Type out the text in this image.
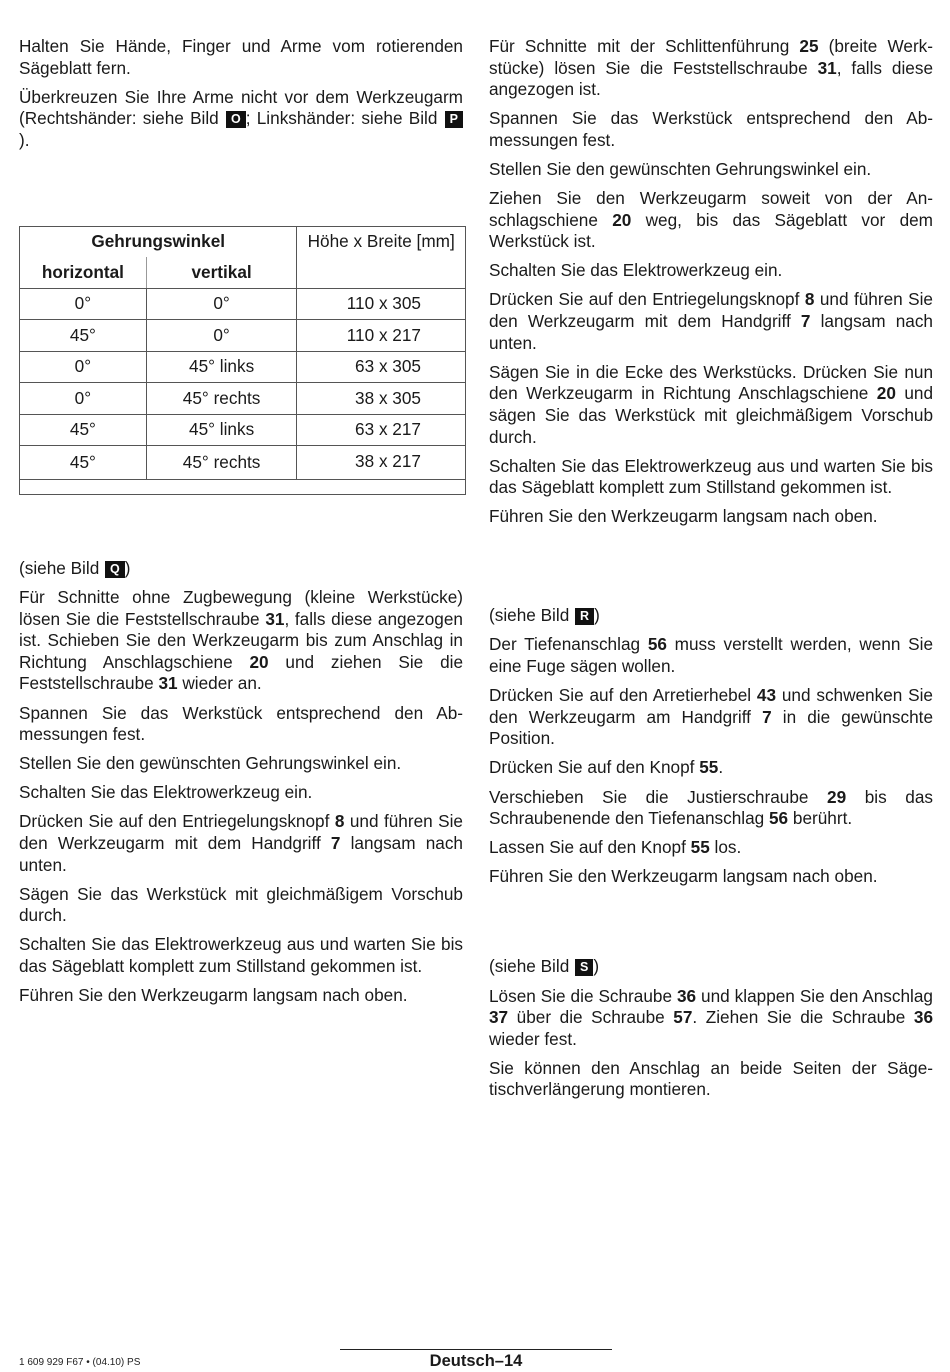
Halten Sie Hände, Finger und Arme vom rotierenden Sägeblatt fern.

Überkreuzen Sie Ihre Arme nicht vor dem Werkzeugarm (Rechtshänder: siehe Bild O ; Linkshänder: siehe Bild P).

Gehrungswinkel		Höhe x Breite [mm]
horizontal	vertikal	
0°	0°	110 x 305
45°	0°	110 x 217
0°	45° links	63 x 305
0°	45° rechts	38 x 305
45°	45° links	63 x 217
45°	45° rechts	38 x 217

(siehe Bild Q )

Für Schnitte ohne Zugbewegung (kleine Werkstücke) lösen Sie die Feststellschraube 31, falls diese angezogen ist. Schieben Sie den Werkzeugarm bis zum Anschlag in Richtung Anschlagschiene 20 und ziehen Sie die Feststellschraube 31 wieder an.

Spannen Sie das Werkstück entsprechend den Abmessungen fest.

Stellen Sie den gewünschten Gehrungswinkel ein.

Schalten Sie das Elektrowerkzeug ein.

Drücken Sie auf den Entriegelungsknopf 8 und führen Sie den Werkzeugarm mit dem Handgriff 7 langsam nach unten.

Sägen Sie das Werkstück mit gleichmäßigem Vorschub durch.

Schalten Sie das Elektrowerkzeug aus und warten Sie bis das Sägeblatt komplett zum Stillstand gekommen ist.

Führen Sie den Werkzeugarm langsam nach oben.

Für Schnitte mit der Schlittenführung 25 (breite Werkstücke) lösen Sie die Feststellschraube 31, falls diese angezogen ist.

Spannen Sie das Werkstück entsprechend den Abmessungen fest.

Stellen Sie den gewünschten Gehrungswinkel ein.

Ziehen Sie den Werkzeugarm soweit von der Anschlagschiene 20 weg, bis das Sägeblatt vor dem Werkstück ist.

Schalten Sie das Elektrowerkzeug ein.

Drücken Sie auf den Entriegelungsknopf 8 und führen Sie den Werkzeugarm mit dem Handgriff 7 langsam nach unten.

Sägen Sie in die Ecke des Werkstücks. Drücken Sie nun den Werkzeugarm in Richtung Anschlagschiene 20 und sägen Sie das Werkstück mit gleichmäßigem Vorschub durch.

Schalten Sie das Elektrowerkzeug aus und warten Sie bis das Sägeblatt komplett zum Stillstand gekommen ist.

Führen Sie den Werkzeugarm langsam nach oben.

(siehe Bild R )

Der Tiefenanschlag 56 muss verstellt werden, wenn Sie eine Fuge sägen wollen.

Drücken Sie auf den Arretierhebel 43 und schwenken Sie den Werkzeugarm am Handgriff 7 in die gewünschte Position.

Drücken Sie auf den Knopf 55.

Verschieben Sie die Justierschraube 29 bis das Schraubenende den Tiefenanschlag 56 berührt.

Lassen Sie auf den Knopf 55 los.

Führen Sie den Werkzeugarm langsam nach oben.

(siehe Bild S )

Lösen Sie die Schraube 36 und klappen Sie den Anschlag 37 über die Schraube 57. Ziehen Sie die Schraube 36 wieder fest.

Sie können den Anschlag an beide Seiten der Sägetischverlängerung montieren.

1 609 929 F67 • (04.10) PS	Deutsch–14
